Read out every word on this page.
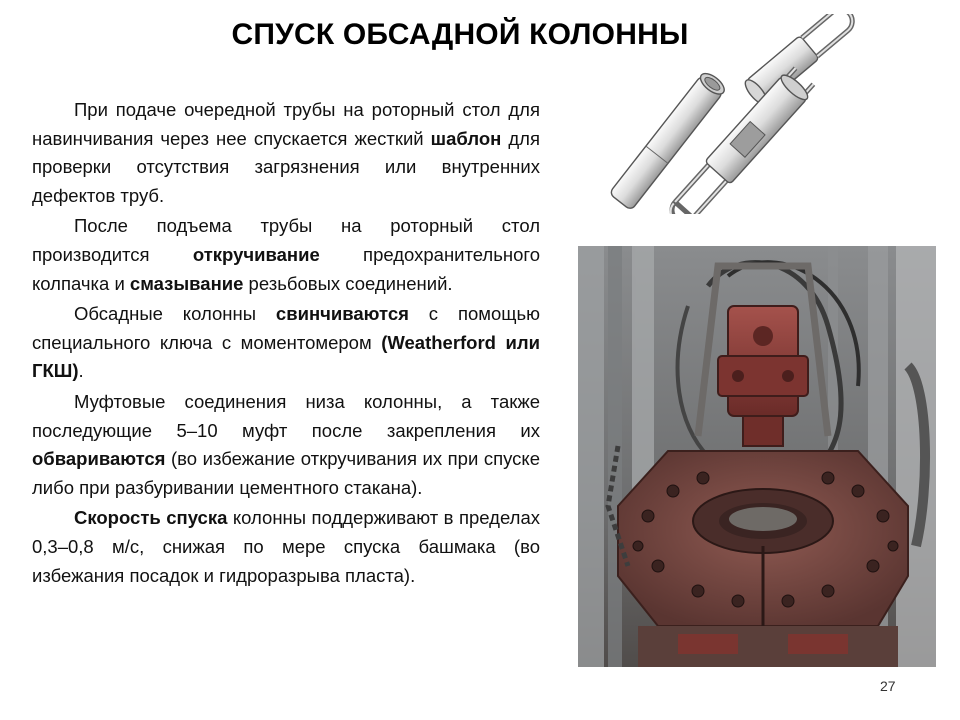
СПУСК ОБСАДНОЙ КОЛОННЫ

При подаче очередной трубы на роторный стол для навинчивания через нее спускается жесткий шаблон для проверки отсутствия загрязнения или внутренних дефектов труб.

После подъема трубы на роторный стол производится откручивание предохранительного колпачка и смазывание резьбовых соединений.

Обсадные колонны свинчиваются с помощью специального ключа с моментомером (Weatherford или ГКШ).

Муфтовые соединения низа колонны, а также последующие 5–10 муфт после закрепления их обвариваются (во избежание откручивания их при спуске либо при разбуривании цементного стакана).

Скорость спуска колонны поддерживают в пределах 0,3–0,8 м/с, снижая по мере спуска башмака (во избежания посадок и гидроразрыва пласта).

27
